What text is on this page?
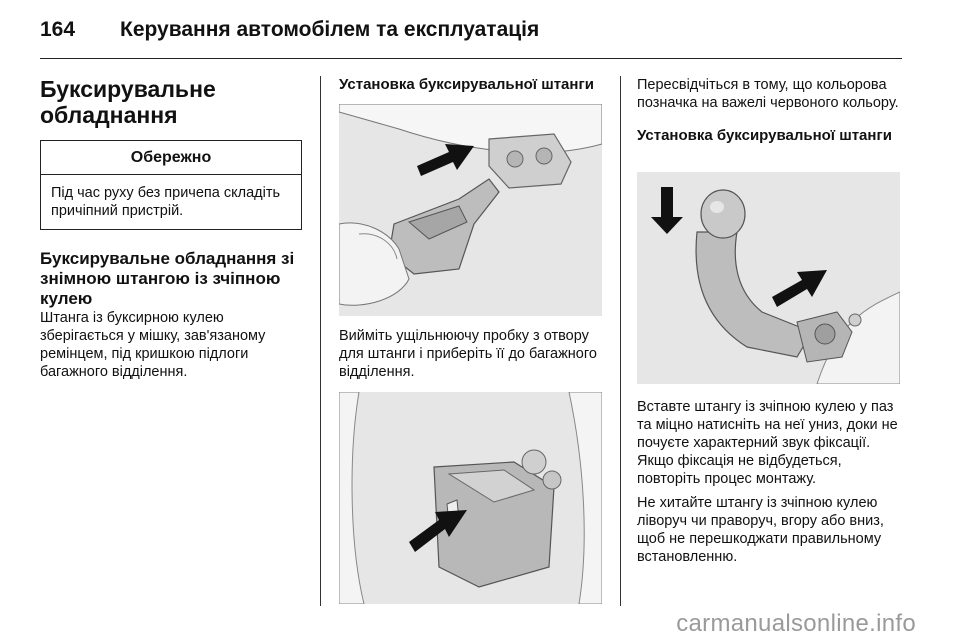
164 Керування автомобілем та експлуатація
Буксирувальне
обладнання
Обережно
Під час руху без причепа складіть причіпний пристрій.
Буксирувальне обладнання зі знімною штангою із зчіпною кулею

Штанга із буксирною кулею зберігається у мішку, зав'язаному ремінцем, під кришкою підлоги багажного відділення.

Установка буксирувальної штанги

Вийміть ущільнюючу пробку з отвору для штанги і приберіть її до багажного відділення.

Пересвідчіться в тому, що кольорова позначка на важелі червоного кольору.

Установка буксирувальної штанги

Вставте штангу із зчіпною кулею у паз та міцно натисніть на неї униз, доки не почуєте характерний звук фіксації. Якщо фіксація не відбудеться, повторіть процес монтажу.

Не хитайте штангу із зчіпною кулею ліворуч чи праворуч, вгору або вниз, щоб не перешкоджати правильному встановленню.

carmanualsonline.info
